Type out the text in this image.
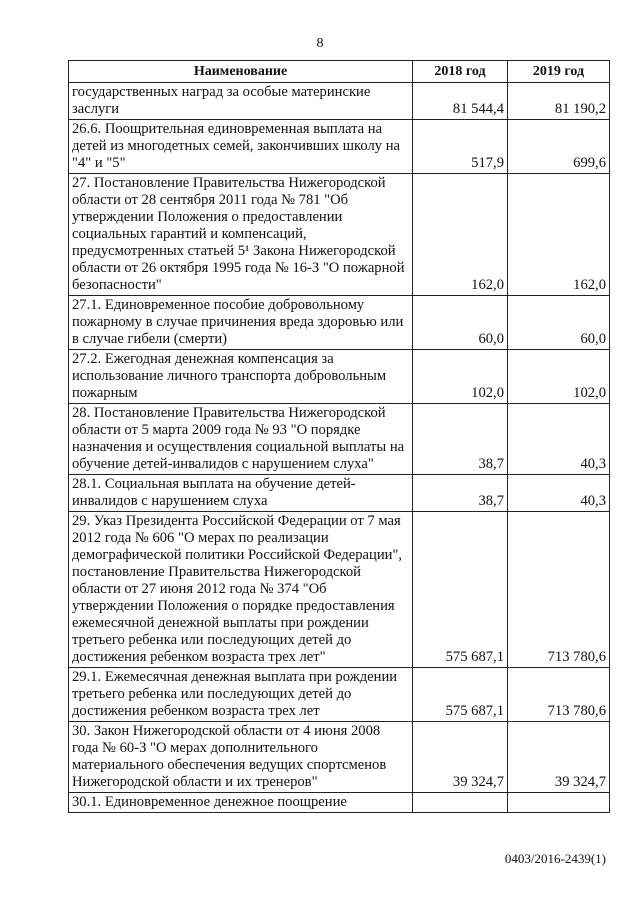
8
Наименование	2018 год	2019 год
государственных наград за особые материнские заслуги	81 544,4	81 190,2
26.6. Поощрительная единовременная выплата на детей из многодетных семей, закончивших школу на "4" и "5"	517,9	699,6
27. Постановление Правительства Нижегородской области от 28 сентября 2011 года № 781 "Об утверждении Положения о предоставлении социальных гарантий и компенсаций, предусмотренных статьей 5¹ Закона Нижегородской области от 26 октября 1995 года № 16-З "О пожарной безопасности"	162,0	162,0
27.1. Единовременное пособие добровольному пожарному в случае причинения вреда здоровью или в случае гибели (смерти)	60,0	60,0
27.2. Ежегодная денежная компенсация за использование личного транспорта добровольным пожарным	102,0	102,0
28. Постановление Правительства Нижегородской области от 5 марта 2009 года № 93 "О порядке назначения и осуществления социальной выплаты на обучение детей-инвалидов с нарушением слуха"	38,7	40,3
28.1. Социальная выплата на обучение детей-инвалидов с нарушением слуха	38,7	40,3
29. Указ Президента Российской Федерации от 7 мая 2012 года № 606 "О мерах по реализации демографической политики Российской Федерации", постановление Правительства Нижегородской области от 27 июня 2012 года № 374 "Об утверждении Положения о порядке предоставления ежемесячной денежной выплаты при рождении третьего ребенка или последующих детей до достижения ребенком возраста трех лет"	575 687,1	713 780,6
29.1. Ежемесячная денежная выплата при рождении третьего ребенка или последующих детей до достижения ребенком возраста трех лет	575 687,1	713 780,6
30. Закон Нижегородской области от 4 июня 2008 года № 60-З "О мерах дополнительного материального обеспечения ведущих спортсменов Нижегородской области и их тренеров"	39 324,7	39 324,7
30.1. Единовременное денежное поощрение		
0403/2016-2439(1)
